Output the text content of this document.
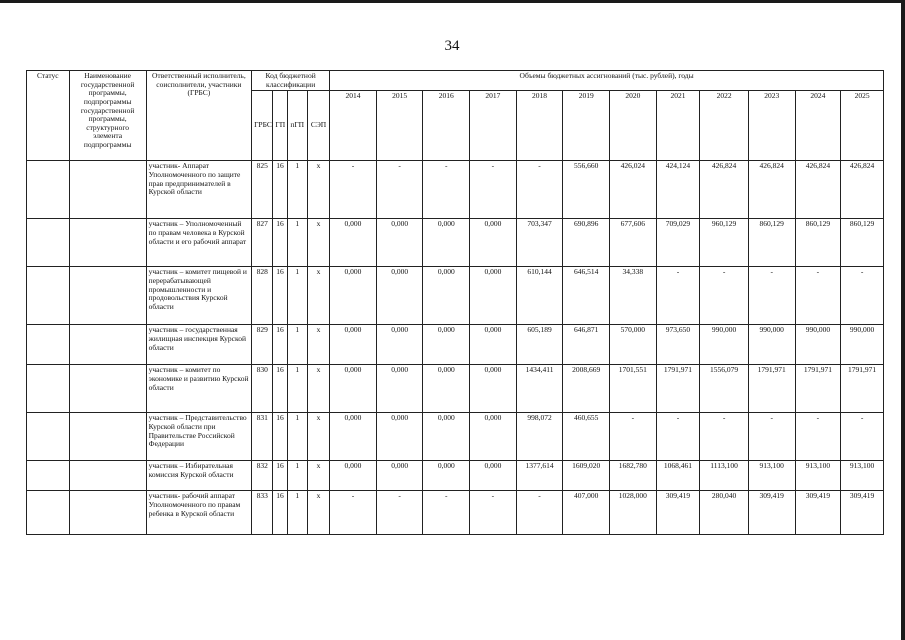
34
Статус	Наименование государственной программы, подпрограммы государственной программы, структурного элемента подпрограммы	Ответственный исполнитель, соисполнители, участники (ГРБС)	Код бюджетной классификации				Объемы бюджетных ассигнований (тыс. рублей), годы											
			ГРБС	ГП	пГП	СЭП	2014	2015	2016	2017	2018	2019	2020	2021	2022	2023	2024	2025
		участник- Аппарат Уполномоченного по защите прав предпринимателей в Курской области	825	16	1	x	-	-	-	-	-	556,660	426,024	424,124	426,824	426,824	426,824	426,824
		участник – Уполномоченный по правам человека в Курской области и его рабочий аппарат	827	16	1	x	0,000	0,000	0,000	0,000	703,347	690,896	677,606	709,029	960,129	860,129	860,129	860,129
		участник – комитет пищевой и перерабатывающей промышленности и продовольствия Курской области	828	16	1	x	0,000	0,000	0,000	0,000	610,144	646,514	34,338	-	-	-	-	-
		участник – государственная жилищная инспекция Курской области	829	16	1	x	0,000	0,000	0,000	0,000	605,189	646,871	570,000	973,650	990,000	990,000	990,000	990,000
		участник – комитет по экономике и развитию Курской области	830	16	1	x	0,000	0,000	0,000	0,000	1434,411	2008,669	1701,551	1791,971	1556,079	1791,971	1791,971	1791,971
		участник – Представительство Курской области при Правительстве Российской Федерации	831	16	1	x	0,000	0,000	0,000	0,000	998,072	460,655	-	-	-	-	-	-
		участник – Избирательная комиссия Курской области	832	16	1	x	0,000	0,000	0,000	0,000	1377,614	1609,020	1682,780	1068,461	1113,100	913,100	913,100	913,100
		участник- рабочий аппарат Уполномоченного по правам ребенка в Курской области	833	16	1	x	-	-	-	-	-	407,000	1028,000	309,419	280,040	309,419	309,419	309,419
